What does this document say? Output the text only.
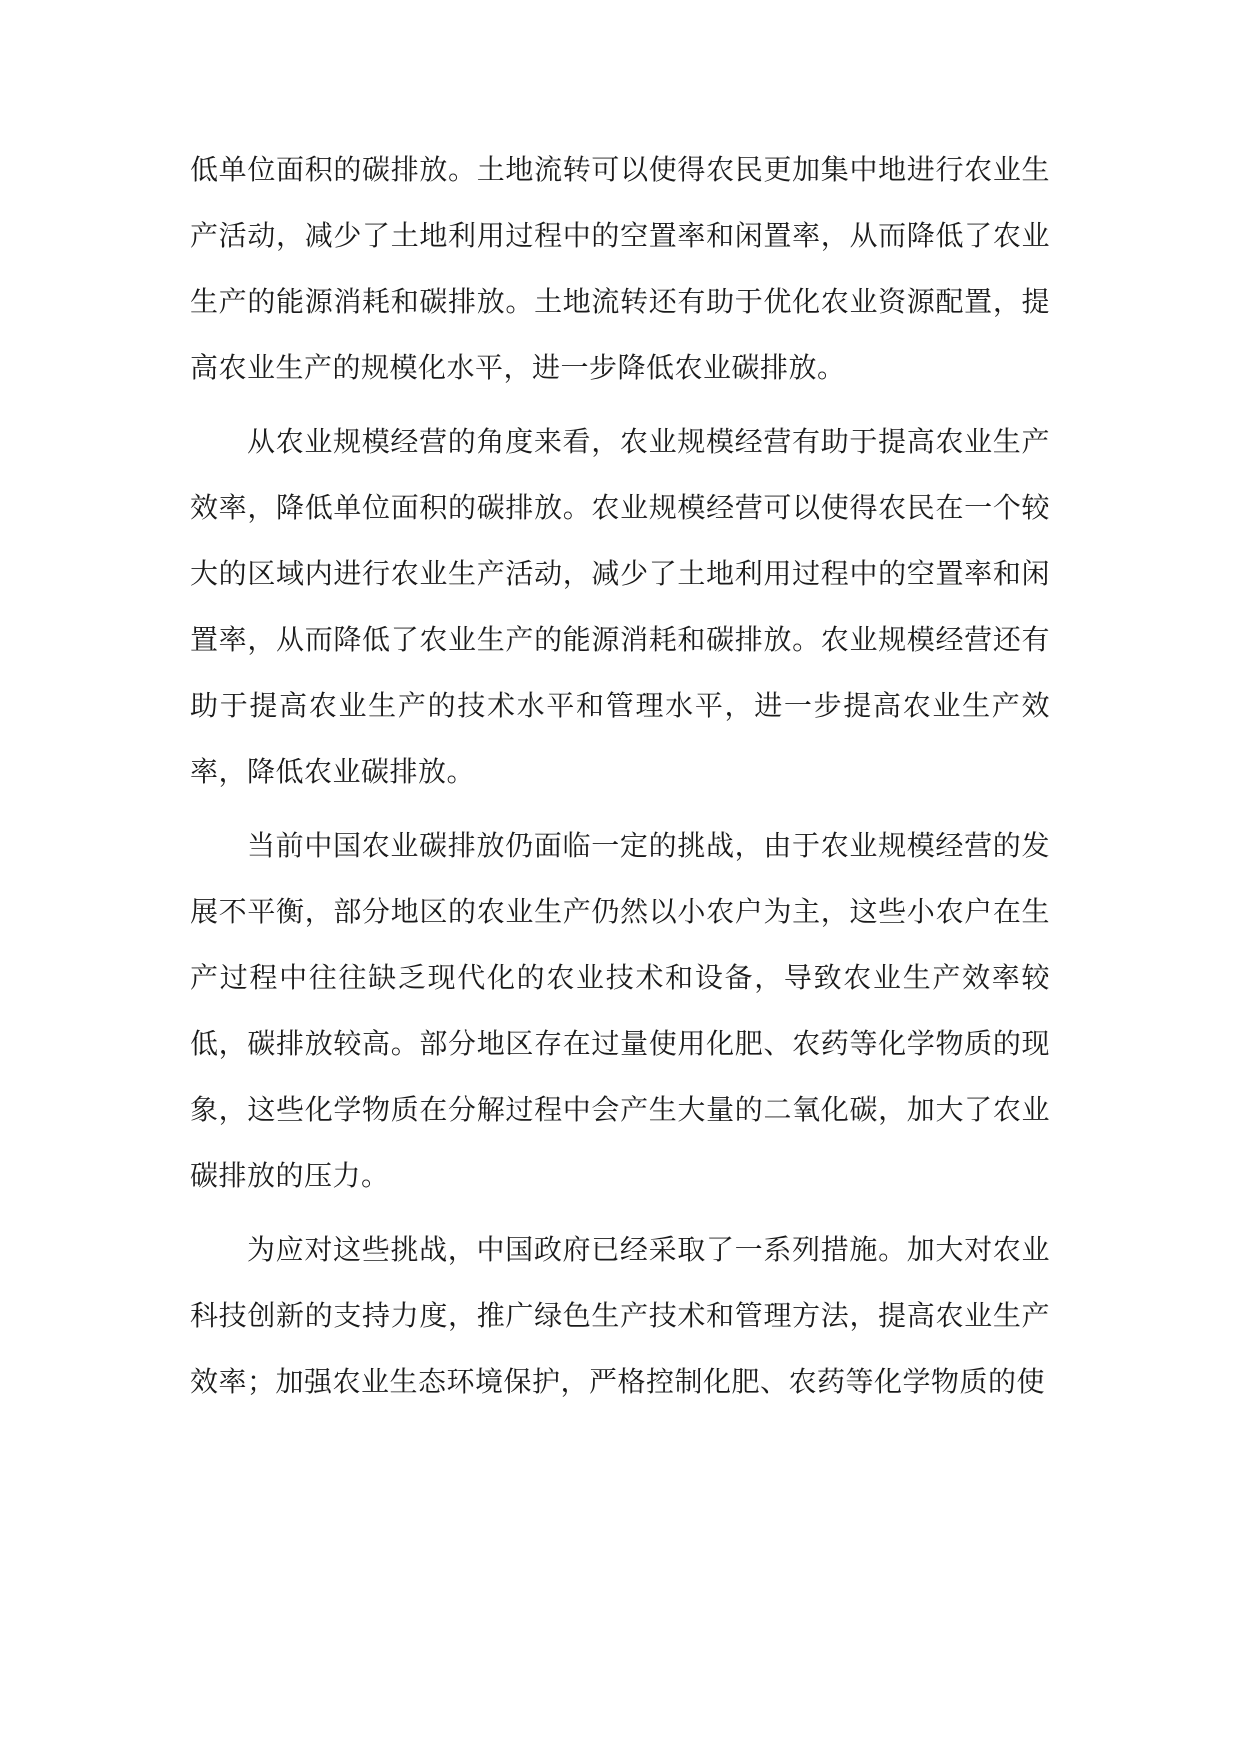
低单位面积的碳排放。土地流转可以使得农民更加集中地进行农业生产活动，减少了土地利用过程中的空置率和闲置率，从而降低了农业生产的能源消耗和碳排放。土地流转还有助于优化农业资源配置，提高农业生产的规模化水平，进一步降低农业碳排放。

从农业规模经营的角度来看，农业规模经营有助于提高农业生产效率，降低单位面积的碳排放。农业规模经营可以使得农民在一个较大的区域内进行农业生产活动，减少了土地利用过程中的空置率和闲置率，从而降低了农业生产的能源消耗和碳排放。农业规模经营还有助于提高农业生产的技术水平和管理水平，进一步提高农业生产效率，降低农业碳排放。

当前中国农业碳排放仍面临一定的挑战，由于农业规模经营的发展不平衡，部分地区的农业生产仍然以小农户为主，这些小农户在生产过程中往往缺乏现代化的农业技术和设备，导致农业生产效率较低，碳排放较高。部分地区存在过量使用化肥、农药等化学物质的现象，这些化学物质在分解过程中会产生大量的二氧化碳，加大了农业碳排放的压力。

为应对这些挑战，中国政府已经采取了一系列措施。加大对农业科技创新的支持力度，推广绿色生产技术和管理方法，提高农业生产效率；加强农业生态环境保护，严格控制化肥、农药等化学物质的使
